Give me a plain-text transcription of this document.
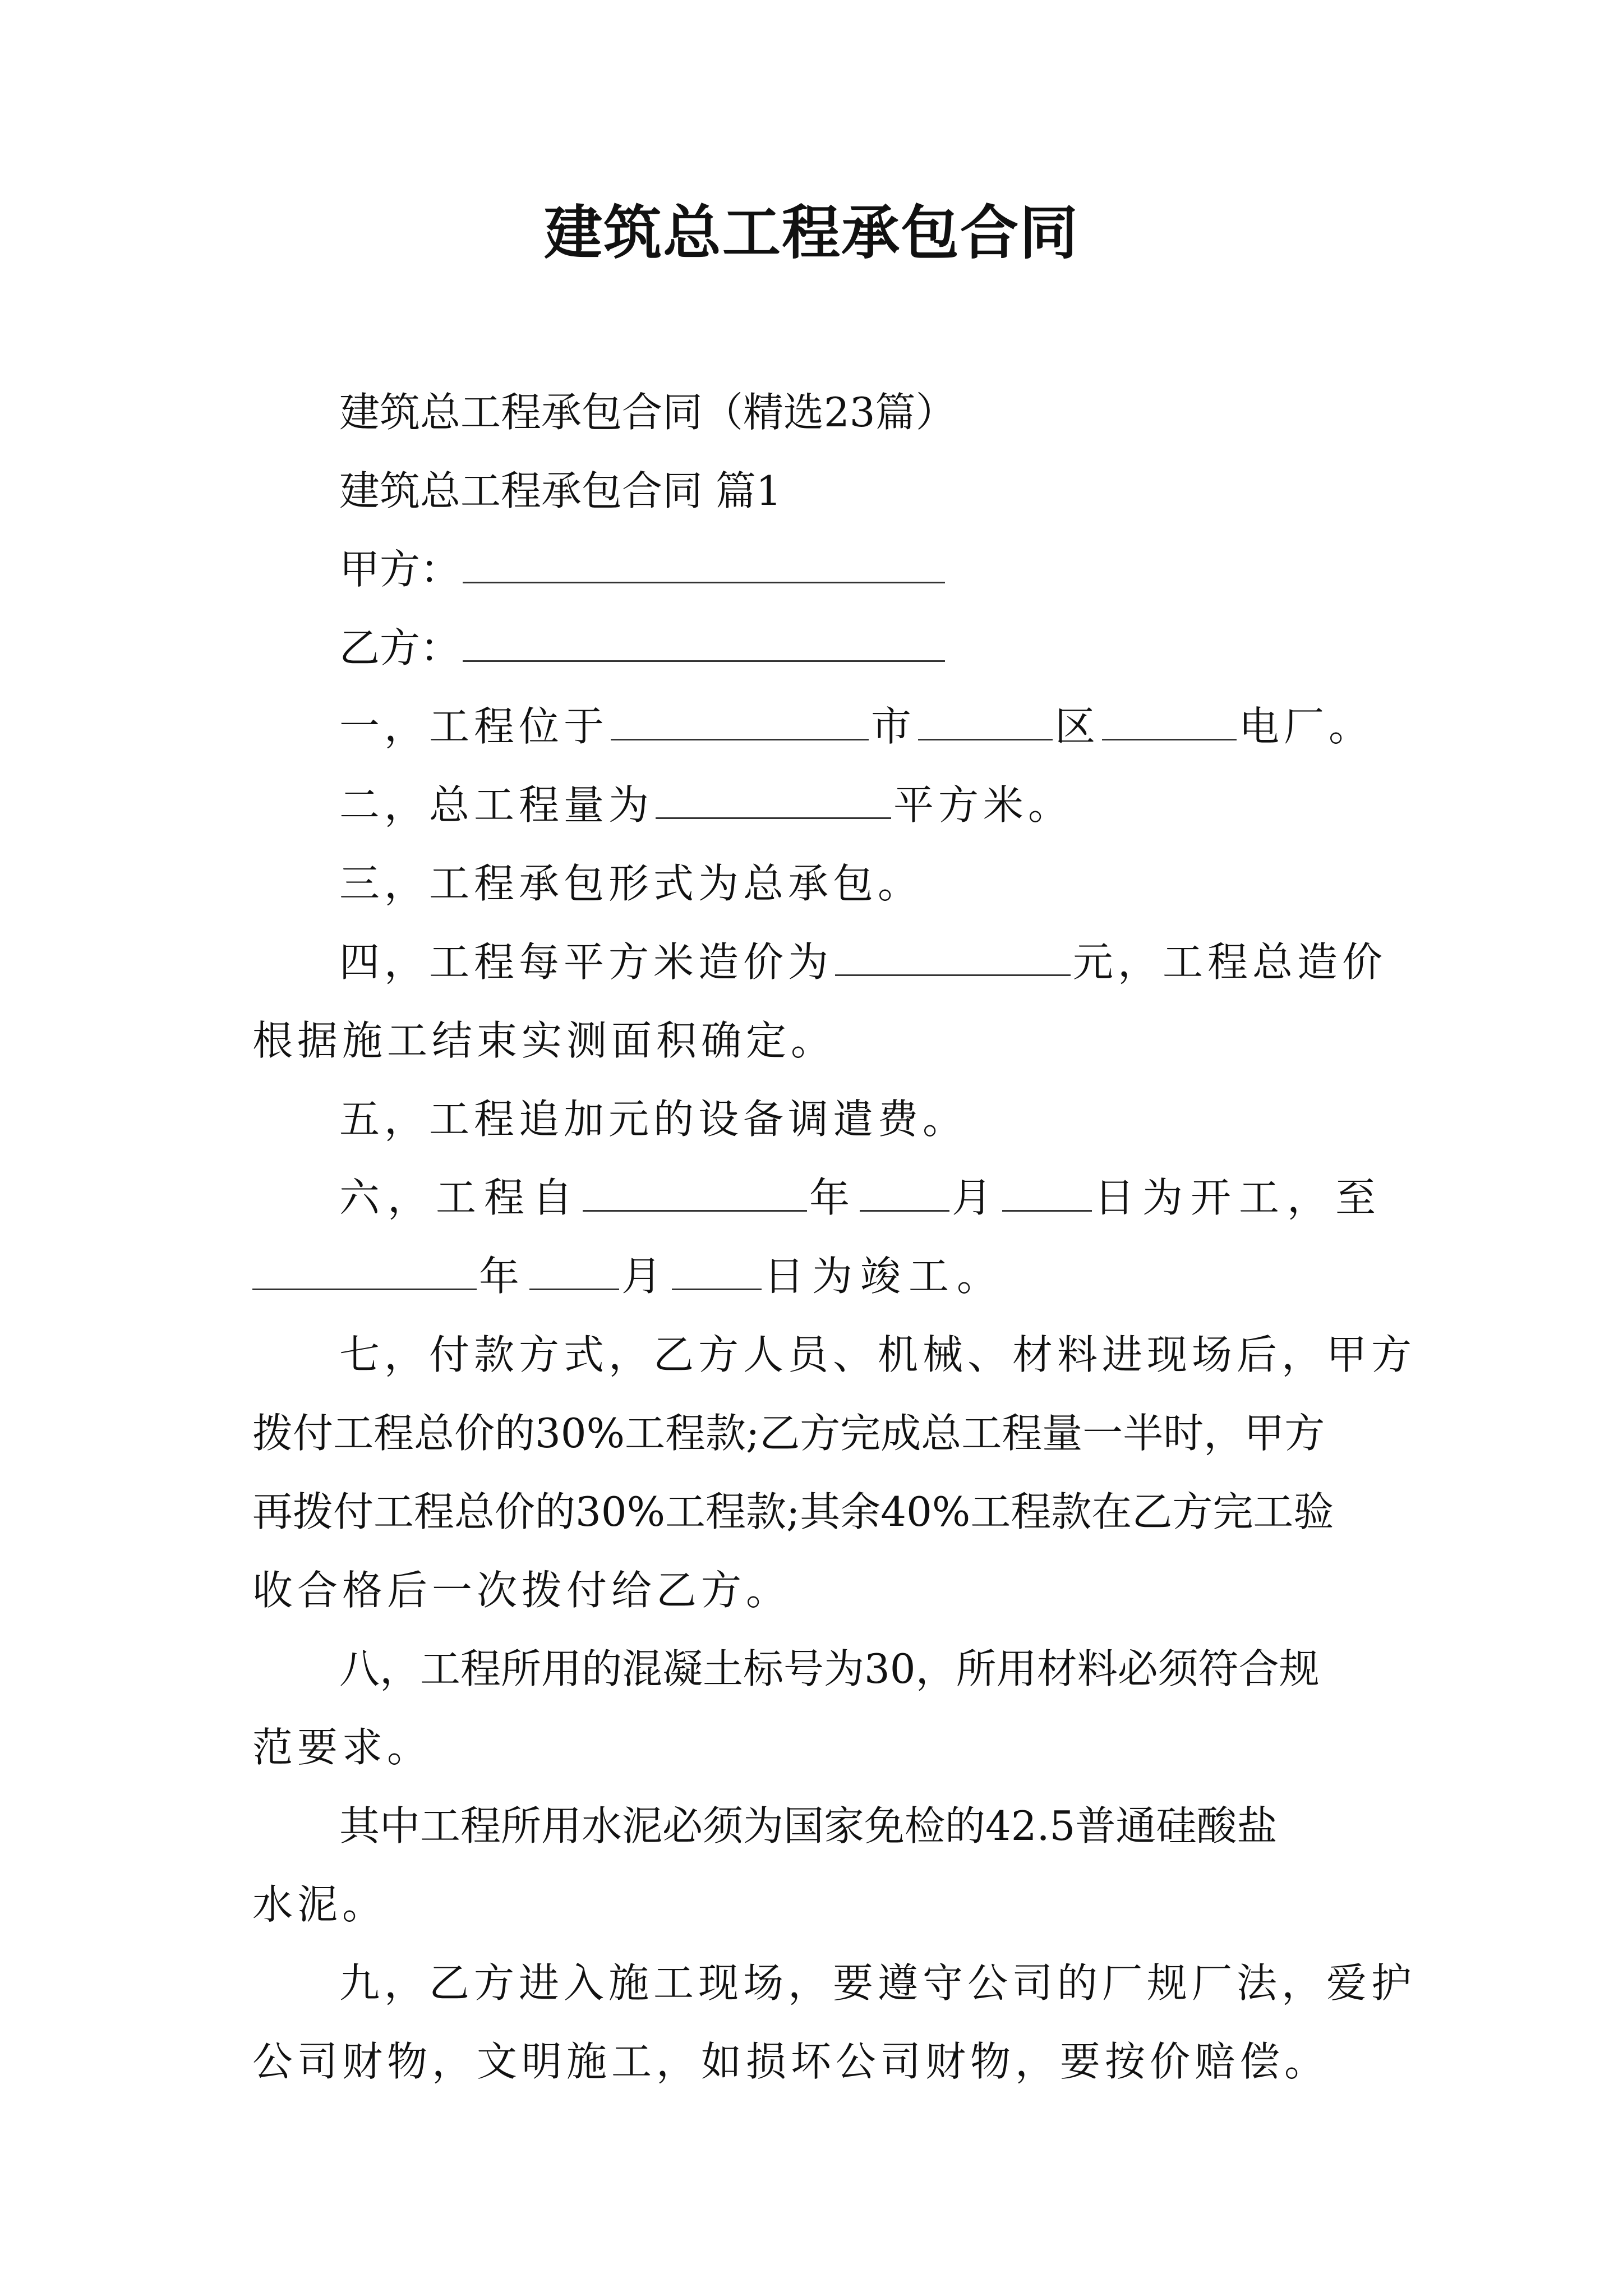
建筑总工程承包合同
建筑总工程承包合同（精选23篇）
建筑总工程承包合同 篇1
甲方：
乙方：
一，工程位于	市	区	电厂。
二，总工程量为	平方米。
三，工程承包形式为总承包。
四，工程每平方米造价为	元，工程总造价
根据施工结束实测面积确定。
五，工程追加元的设备调遣费。
六，工程自	年 月 日为开工，至
年 月 日为竣工。
七，付款方式，乙方人员、机械、材料进现场后，甲方
拨付工程总价的30%工程款;乙方完成总工程量一半时，甲方
再拨付工程总价的30%工程款;其余40%工程款在乙方完工验
收合格后一次拨付给乙方。
八，工程所用的混凝土标号为30，所用材料必须符合规
范要求。
其中工程所用水泥必须为国家免检的42.5普通硅酸盐
水泥。
九，乙方进入施工现场，要遵守公司的厂规厂法，爱护
公司财物，文明施工，如损坏公司财物，要按价赔偿。
